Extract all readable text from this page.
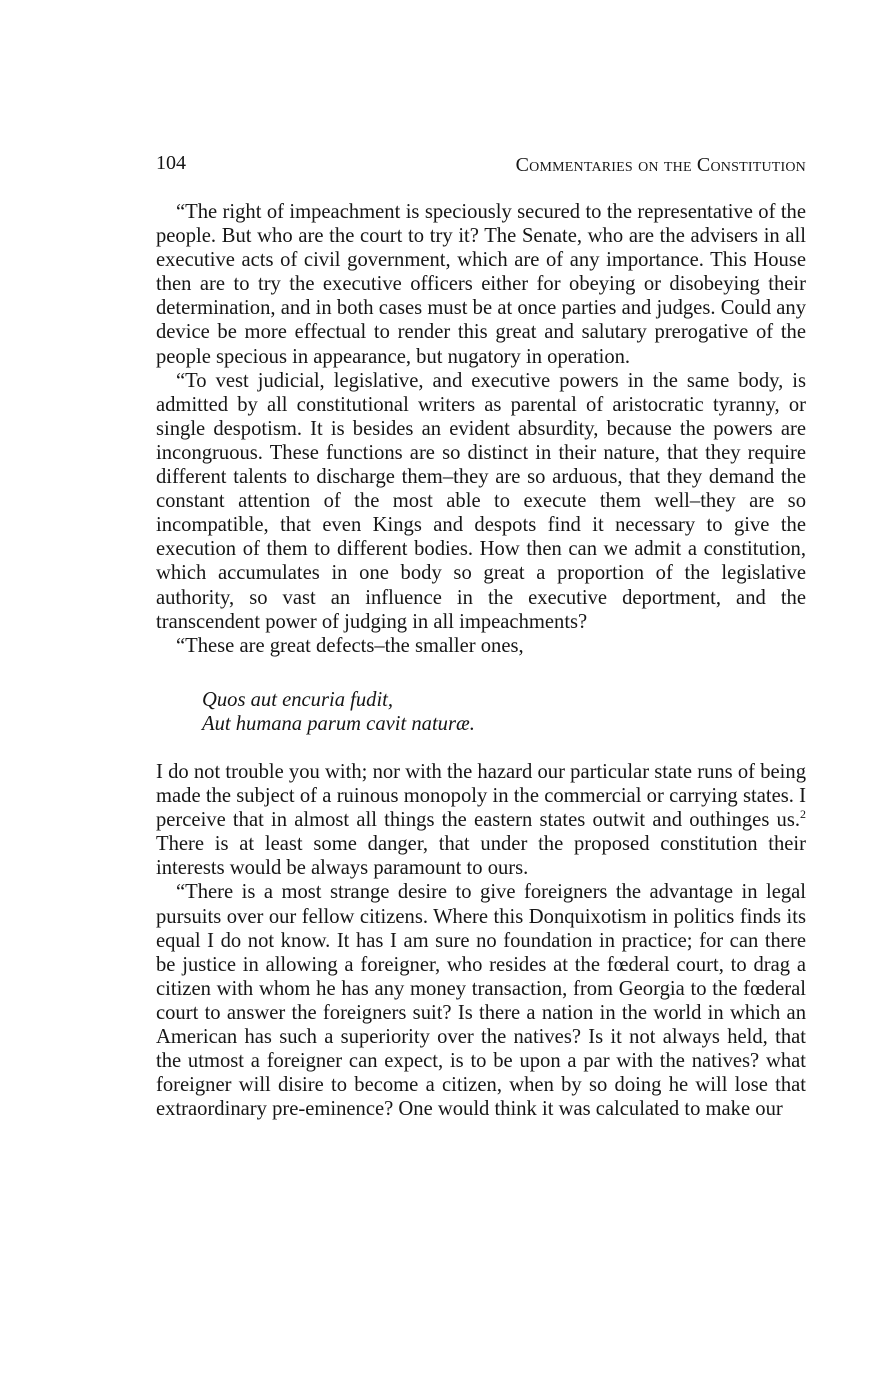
104	Commentaries on the Constitution

“The right of impeachment is speciously secured to the representative of the people. But who are the court to try it? The Senate, who are the advisers in all executive acts of civil government, which are of any importance. This House then are to try the executive officers either for obeying or disobeying their determination, and in both cases must be at once parties and judges. Could any device be more effectual to render this great and salutary prerogative of the people specious in appearance, but nugatory in operation.

“To vest judicial, legislative, and executive powers in the same body, is admitted by all constitutional writers as parental of aristocratic tyranny, or single despotism. It is besides an evident absurdity, because the powers are incongruous. These functions are so distinct in their nature, that they require different talents to discharge them–they are so arduous, that they demand the constant attention of the most able to execute them well–they are so incompatible, that even Kings and despots find it necessary to give the execution of them to different bodies. How then can we admit a constitution, which accumulates in one body so great a proportion of the legislative authority, so vast an influence in the executive deportment, and the transcendent power of judging in all impeachments?

“These are great defects–the smaller ones,

Quos aut encuria fudit,
Aut humana parum cavit naturæ.

I do not trouble you with; nor with the hazard our particular state runs of being made the subject of a ruinous monopoly in the commercial or carrying states. I perceive that in almost all things the eastern states outwit and outhinges us.$^2$ There is at least some danger, that under the proposed constitution their interests would be always paramount to ours.

“There is a most strange desire to give foreigners the advantage in legal pursuits over our fellow citizens. Where this Donquixotism in politics finds its equal I do not know. It has I am sure no foundation in practice; for can there be justice in allowing a foreigner, who resides at the fœderal court, to drag a citizen with whom he has any money transaction, from Georgia to the fœderal court to answer the foreigners suit? Is there a nation in the world in which an American has such a superiority over the natives? Is it not always held, that the utmost a foreigner can expect, is to be upon a par with the natives? what foreigner will disire to become a citizen, when by so doing he will lose that extraordinary pre-eminence? One would think it was calculated to make our
